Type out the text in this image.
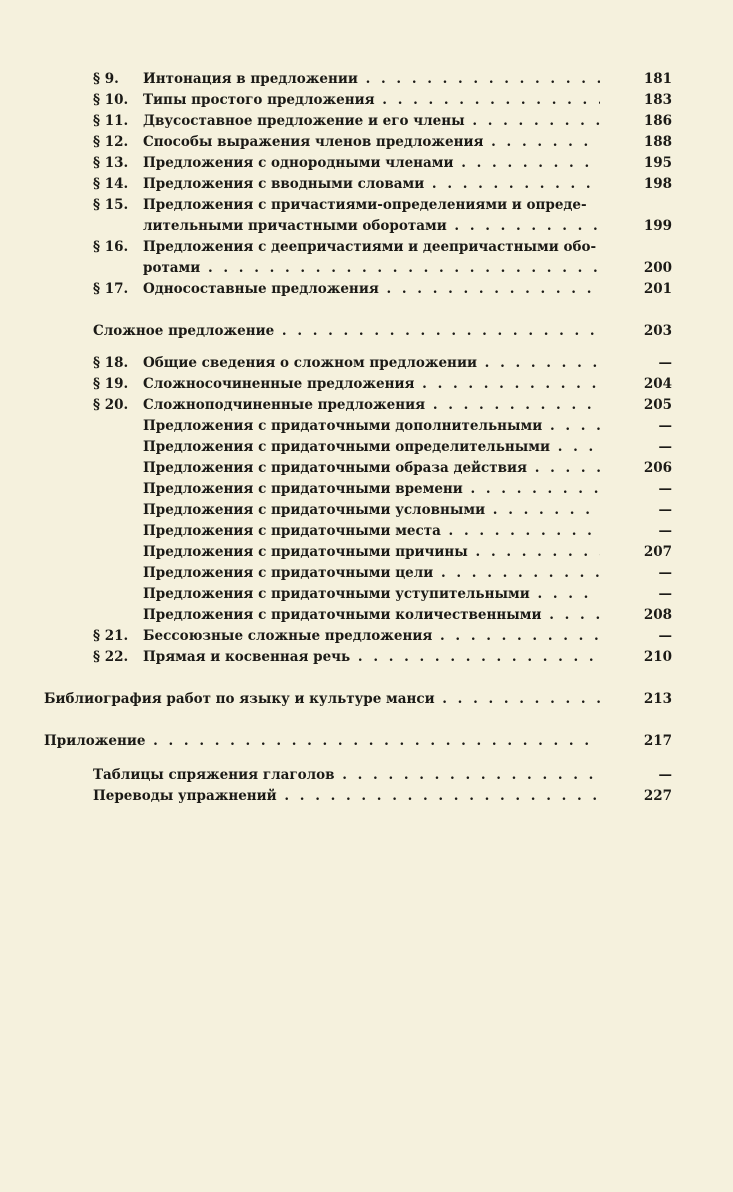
§ 9. Интонация в предложении . . .	181
§ 10. Типы простого предложения . . .	183
§ 11. Двусоставное предложение и его члены . . .	186
§ 12. Способы выражения членов предложения . . .	188
§ 13. Предложения с однородными членами . . .	195
§ 14. Предложения с вводными словами . . .	198
§ 15. Предложения с причастиями-определениями и опреде-
лительными причастными оборотами . . .	199
§ 16. Предложения с деепричастиями и деепричастными обо-
ротами . . .	200
§ 17. Односоставные предложения . . .	201
Сложное предложение . . .	203
§ 18. Общие сведения о сложном предложении . . .	—
§ 19. Сложносочиненные предложения . . .	204
§ 20. Сложноподчиненные предложения . . .	205
Предложения с придаточными дополнительными . . .	—
Предложения с придаточными определительными . . .	—
Предложения с придаточными образа действия . . .	206
Предложения с придаточными времени . . .	—
Предложения с придаточными условными . . .	—
Предложения с придаточными места . . .	—
Предложения с придаточными причины . . .	207
Предложения с придаточными цели . . .	—
Предложения с придаточными уступительными . . .	—
Предложения с придаточными количественными . . .	208
§ 21. Бессоюзные сложные предложения . . .	—
§ 22. Прямая и косвенная речь . . .	210
Библиография работ по языку и культуре манси . . .	213
Приложение . . .	217
Таблицы спряжения глаголов . . .	—
Переводы упражнений . . .	227
